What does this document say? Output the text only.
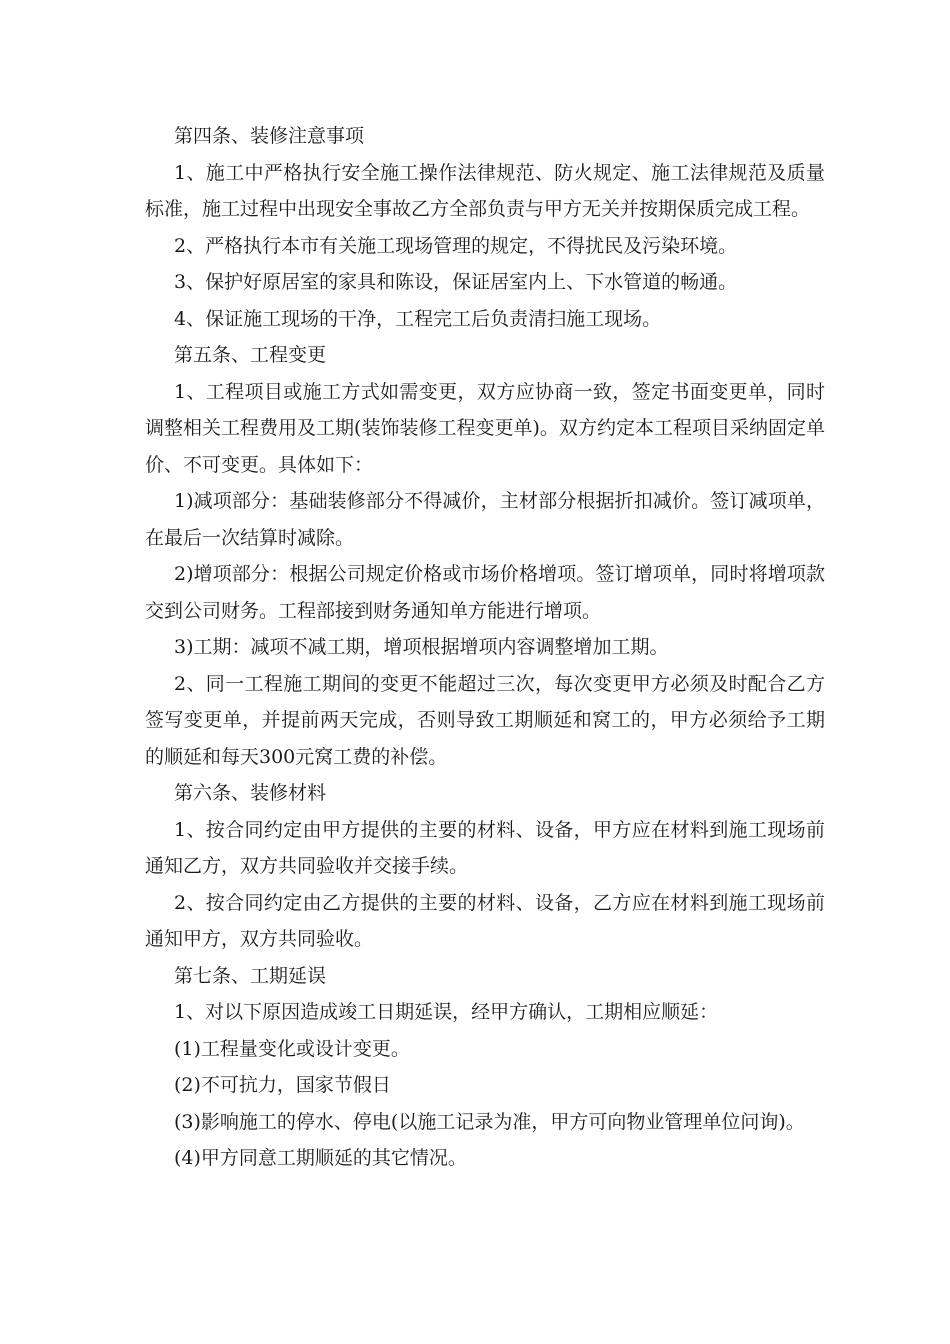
第四条、装修注意事项

1、施工中严格执行安全施工操作法律规范、防火规定、施工法律规范及质量标准，施工过程中出现安全事故乙方全部负责与甲方无关并按期保质完成工程。

2、严格执行本市有关施工现场管理的规定，不得扰民及污染环境。

3、保护好原居室的家具和陈设，保证居室内上、下水管道的畅通。

4、保证施工现场的干净，工程完工后负责清扫施工现场。

第五条、工程变更

1、工程项目或施工方式如需变更，双方应协商一致，签定书面变更单，同时调整相关工程费用及工期(装饰装修工程变更单)。双方约定本工程项目采纳固定单价、不可变更。具体如下：

1)减项部分：基础装修部分不得减价，主材部分根据折扣减价。签订减项单，在最后一次结算时减除。

2)增项部分：根据公司规定价格或市场价格增项。签订增项单，同时将增项款交到公司财务。工程部接到财务通知单方能进行增项。

3)工期：减项不减工期，增项根据增项内容调整增加工期。

2、同一工程施工期间的变更不能超过三次，每次变更甲方必须及时配合乙方签写变更单，并提前两天完成，否则导致工期顺延和窝工的，甲方必须给予工期的顺延和每天300元窝工费的补偿。

第六条、装修材料

1、按合同约定由甲方提供的主要的材料、设备，甲方应在材料到施工现场前通知乙方，双方共同验收并交接手续。

2、按合同约定由乙方提供的主要的材料、设备，乙方应在材料到施工现场前通知甲方，双方共同验收。

第七条、工期延误

1、对以下原因造成竣工日期延误，经甲方确认，工期相应顺延：

(1)工程量变化或设计变更。

(2)不可抗力，国家节假日

(3)影响施工的停水、停电(以施工记录为准，甲方可向物业管理单位问询)。

(4)甲方同意工期顺延的其它情况。
